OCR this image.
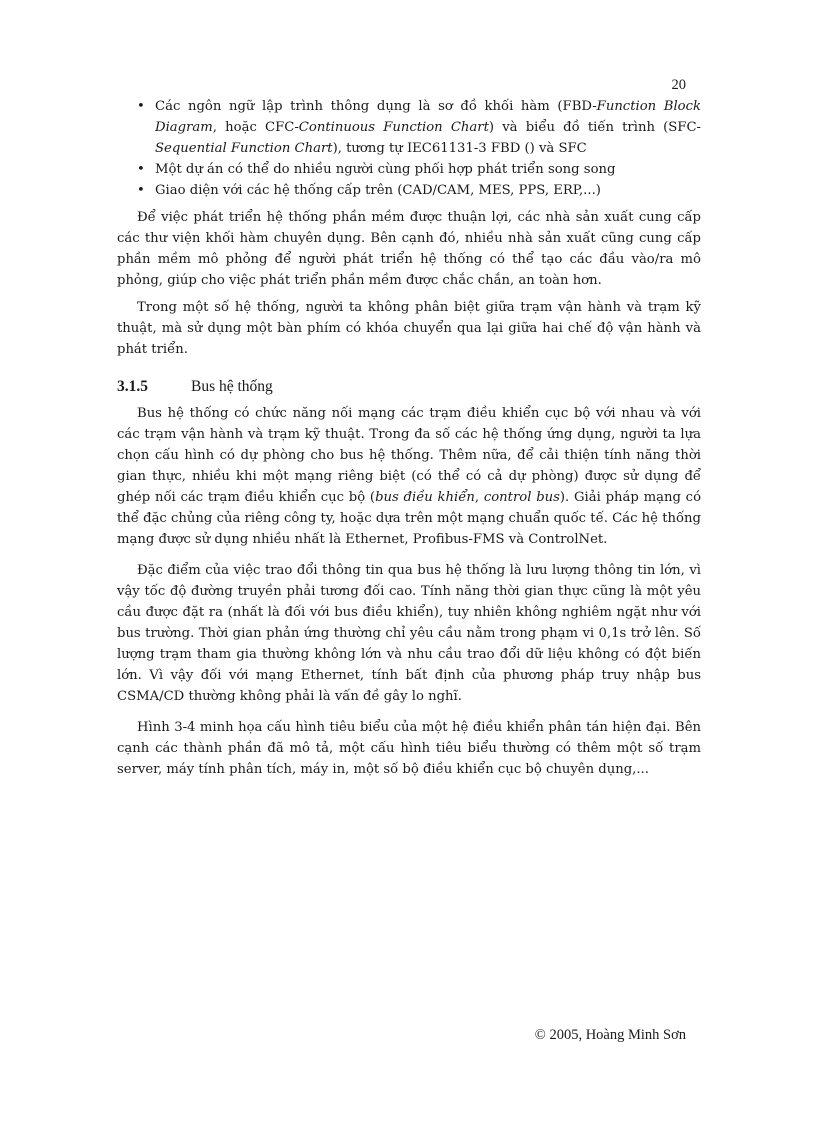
20
• Các ngôn ngữ lập trình thông dụng là sơ đồ khối hàm (FBD-Function Block Diagram, hoặc CFC-Continuous Function Chart) và biểu đồ tiến trình (SFC-Sequential Function Chart), tương tự IEC61131-3 FBD () và SFC
• Một dự án có thể do nhiều người cùng phối hợp phát triển song song
• Giao diện với các hệ thống cấp trên (CAD/CAM, MES, PPS, ERP,...)

Để việc phát triển hệ thống phần mềm được thuận lợi, các nhà sản xuất cung cấp các thư viện khối hàm chuyên dụng. Bên cạnh đó, nhiều nhà sản xuất cũng cung cấp phần mềm mô phỏng để người phát triển hệ thống có thể tạo các đầu vào/ra mô phỏng, giúp cho việc phát triển phần mềm được chắc chắn, an toàn hơn.

Trong một số hệ thống, người ta không phân biệt giữa trạm vận hành và trạm kỹ thuật, mà sử dụng một bàn phím có khóa chuyển qua lại giữa hai chế độ vận hành và phát triển.

3.1.5	Bus hệ thống

Bus hệ thống có chức năng nối mạng các trạm điều khiển cục bộ với nhau và với các trạm vận hành và trạm kỹ thuật. Trong đa số các hệ thống ứng dụng, người ta lựa chọn cấu hình có dự phòng cho bus hệ thống. Thêm nữa, để cải thiện tính năng thời gian thực, nhiều khi một mạng riêng biệt (có thể có cả dự phòng) được sử dụng để ghép nối các trạm điều khiển cục bộ (bus điều khiển, control bus). Giải pháp mạng có thể đặc chủng của riêng công ty, hoặc dựa trên một mạng chuẩn quốc tế. Các hệ thống mạng được sử dụng nhiều nhất là Ethernet, Profibus-FMS và ControlNet.

Đặc điểm của việc trao đổi thông tin qua bus hệ thống là lưu lượng thông tin lớn, vì vậy tốc độ đường truyền phải tương đối cao. Tính năng thời gian thực cũng là một yêu cầu được đặt ra (nhất là đối với bus điều khiển), tuy nhiên không nghiêm ngặt như với bus trường. Thời gian phản ứng thường chỉ yêu cầu nằm trong phạm vi 0,1s trở lên. Số lượng trạm tham gia thường không lớn và nhu cầu trao đổi dữ liệu không có đột biến lớn. Vì vậy đối với mạng Ethernet, tính bất định của phương pháp truy nhập bus CSMA/CD thường không phải là vấn đề gây lo nghĩ.

Hình 3-4 minh họa cấu hình tiêu biểu của một hệ điều khiển phân tán hiện đại. Bên cạnh các thành phần đã mô tả, một cấu hình tiêu biểu thường có thêm một số trạm server, máy tính phân tích, máy in, một số bộ điều khiển cục bộ chuyên dụng,...

© 2005, Hoàng Minh Sơn
